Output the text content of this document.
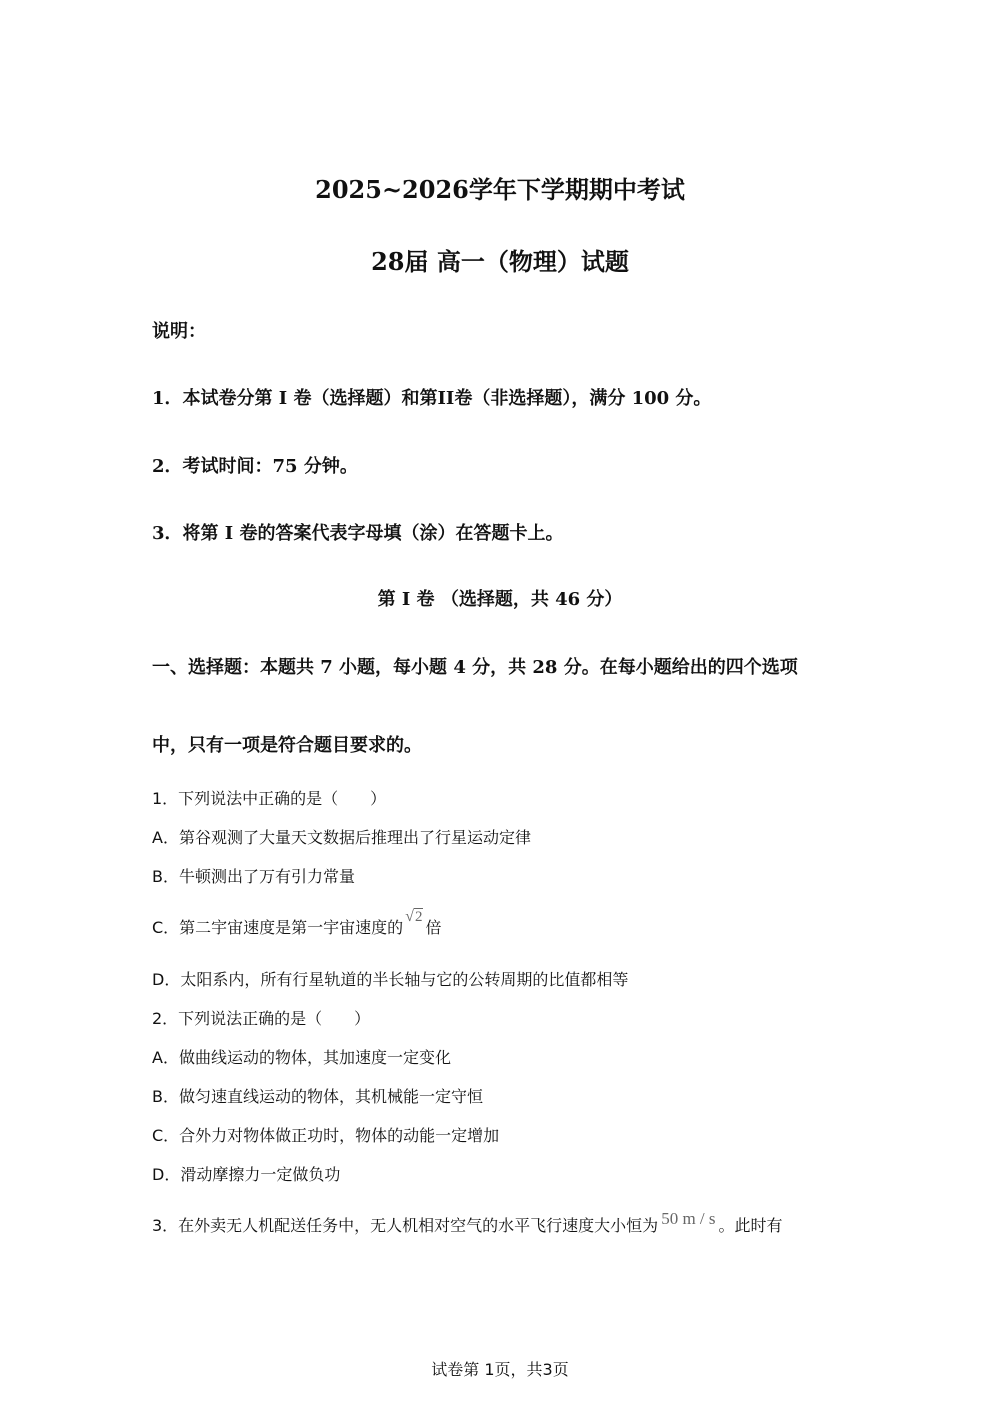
2025~2026学年下学期期中考试
28届 高一（物理）试题
说明：
1．本试卷分第 I 卷（选择题）和第II卷（非选择题），满分 100 分。
2．考试时间：75 分钟。
3．将第 I 卷的答案代表字母填（涂）在答题卡上。
第 I 卷 （选择题，共 46 分）
一、选择题：本题共 7 小题，每小题 4 分，共 28 分。在每小题给出的四个选项
中，只有一项是符合题目要求的。
1．下列说法中正确的是（　　）
A．第谷观测了大量天文数据后推理出了行星运动定律
B．牛顿测出了万有引力常量
C．第二宇宙速度是第一宇宙速度的√2倍
D．太阳系内，所有行星轨道的半长轴与它的公转周期的比值都相等
2．下列说法正确的是（　　）
A．做曲线运动的物体，其加速度一定变化
B．做匀速直线运动的物体，其机械能一定守恒
C．合外力对物体做正功时，物体的动能一定增加
D．滑动摩擦力一定做负功
3．在外卖无人机配送任务中，无人机相对空气的水平飞行速度大小恒为 50 m / s 。此时有
试卷第 1页，共3页
